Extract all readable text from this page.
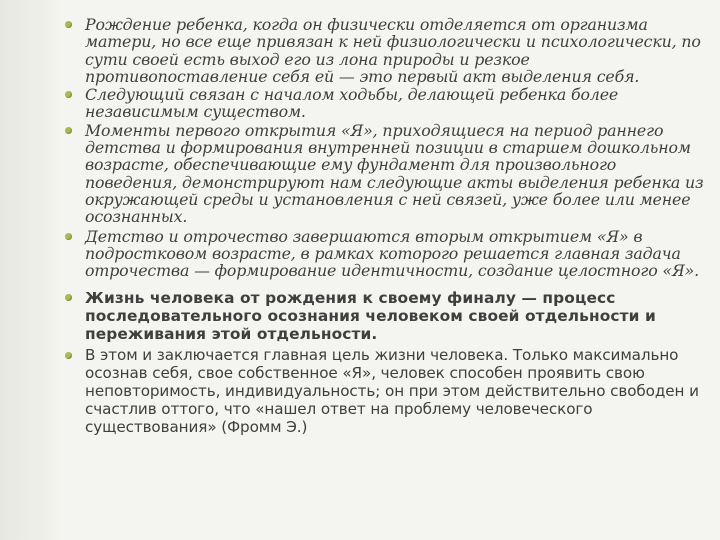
Рождение ребенка, когда он физически отделяется от организма матери, но все еще привязан к ней физиологически и психологически, по сути своей есть выход его из лона природы и резкое противопоставление себя ей — это первый акт выделения себя.
Следующий связан с началом ходьбы, делающей ребенка более независимым существом.
Моменты первого открытия «Я», приходящиеся на период раннего детства и формирования внутренней позиции в старшем дошкольном возрасте, обеспечивающие ему фундамент для произвольного поведения, демонстрируют нам следующие акты выделения ребенка из окружающей среды и установления с ней связей, уже более или менее осознанных.
Детство и отрочество завершаются вторым открытием «Я» в подростковом возрасте, в рамках которого решается главная задача отрочества — формирование идентичности, создание целостного «Я».
Жизнь человека от рождения к своему финалу — процесс последовательного осознания человеком своей отдельности и переживания этой отдельности.
В этом и заключается главная цель жизни человека. Только максимально осознав себя, свое собственное «Я», человек способен проявить свою неповторимость, индивидуальность; он при этом действительно свободен и счастлив оттого, что «нашел ответ на проблему человеческого существования» (Фромм Э.)
